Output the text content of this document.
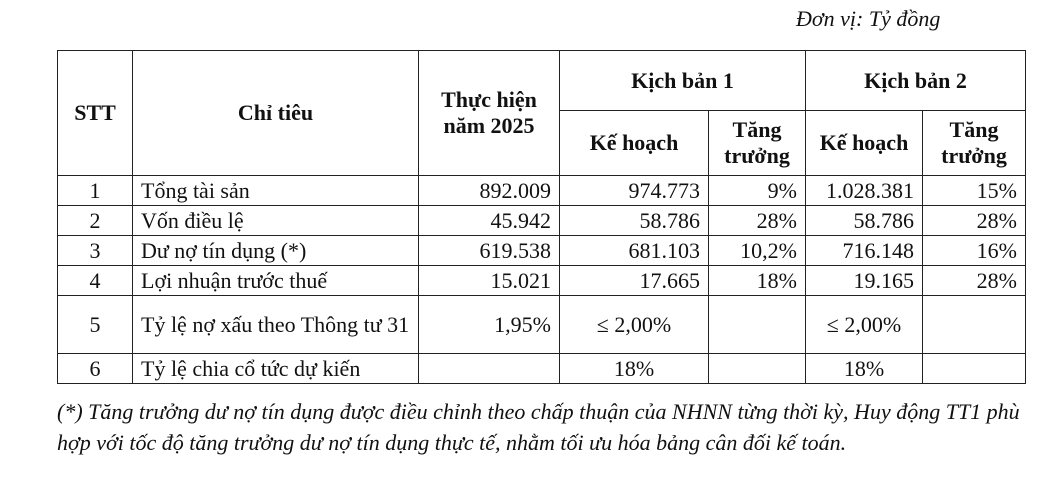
Đơn vị: Tỷ đồng
STT	Chỉ tiêu	Thực hiện năm 2025	Kịch bản 1		Kịch bản 2	
			Kế hoạch	Tăng trưởng	Kế hoạch	Tăng trưởng
1	Tổng tài sản	892.009	974.773	9%	1.028.381	15%
2	Vốn điều lệ	45.942	58.786	28%	58.786	28%
3	Dư nợ tín dụng (*)	619.538	681.103	10,2%	716.148	16%
4	Lợi nhuận trước thuế	15.021	17.665	18%	19.165	28%
5	Tỷ lệ nợ xấu theo Thông tư 31	1,95%	≤ 2,00%		≤ 2,00%	
6	Tỷ lệ chia cổ tức dự kiến		18%		18%	
(*) Tăng trưởng dư nợ tín dụng được điều chỉnh theo chấp thuận của NHNN từng thời kỳ, Huy động TT1 phù hợp với tốc độ tăng trưởng dư nợ tín dụng thực tế, nhằm tối ưu hóa bảng cân đối kế toán.
